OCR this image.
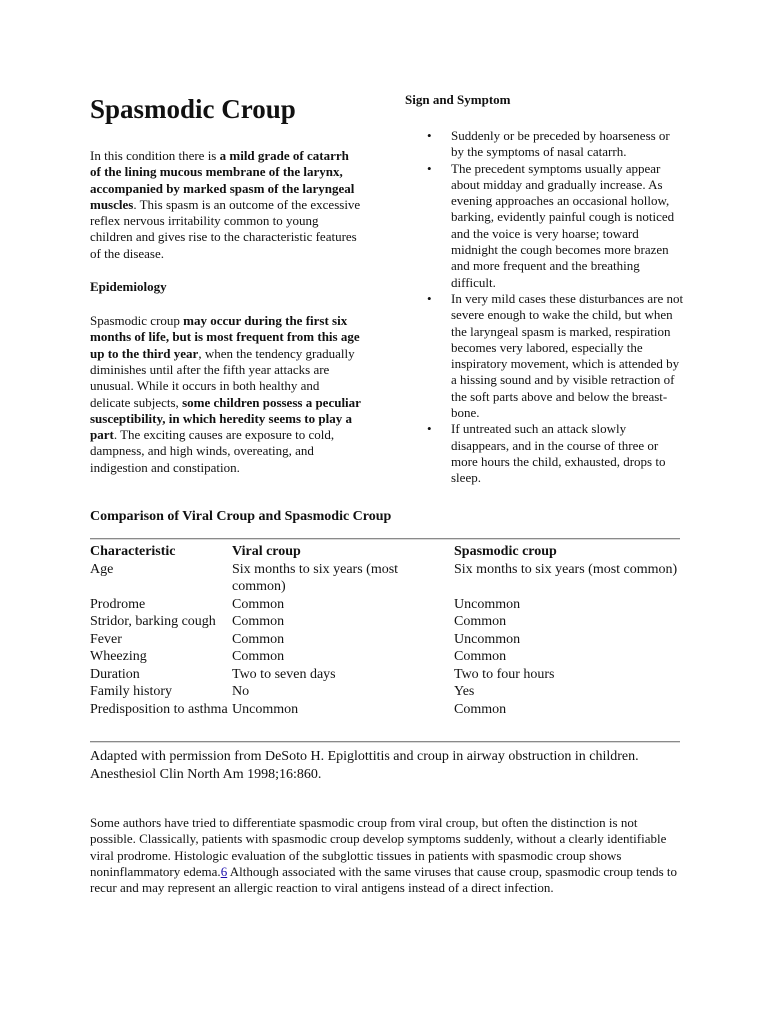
Spasmodic Croup

In this condition there is a mild grade of catarrh of the lining mucous membrane of the larynx, accompanied by marked spasm of the laryngeal muscles. This spasm is an outcome of the excessive reflex nervous irritability common to young children and gives rise to the characteristic features of the disease.

Epidemiology

Spasmodic croup may occur during the first six months of life, but is most frequent from this age up to the third year, when the tendency gradually diminishes until after the fifth year attacks are unusual. While it occurs in both healthy and delicate subjects, some children possess a peculiar susceptibility, in which heredity seems to play a part. The exciting causes are exposure to cold, dampness, and high winds, overeating, and indigestion and constipation.

Sign and Symptom

• Suddenly or be preceded by hoarseness or by the symptoms of nasal catarrh.
• The precedent symptoms usually appear about midday and gradually increase. As evening approaches an occasional hollow, barking, evidently painful cough is noticed and the voice is very hoarse; toward midnight the cough becomes more brazen and more frequent and the breathing difficult.
• In very mild cases these disturbances are not severe enough to wake the child, but when the laryngeal spasm is marked, respiration becomes very labored, especially the inspiratory movement, which is attended by a hissing sound and by visible retraction of the soft parts above and below the breast-bone.
• If untreated such an attack slowly disappears, and in the course of three or more hours the child, exhausted, drops to sleep.
Comparison of Viral Croup and Spasmodic Croup
Characteristic	Viral croup	Spasmodic croup
Age	Six months to six years (most common)	Six months to six years (most common)
Prodrome	Common	Uncommon
Stridor, barking cough	Common	Common
Fever	Common	Uncommon
Wheezing	Common	Common
Duration	Two to seven days	Two to four hours
Family history	No	Yes
Predisposition to asthma	Uncommon	Common
Adapted with permission from DeSoto H. Epiglottitis and croup in airway obstruction in children. Anesthesiol Clin North Am 1998;16:860.

Some authors have tried to differentiate spasmodic croup from viral croup, but often the distinction is not possible. Classically, patients with spasmodic croup develop symptoms suddenly, without a clearly identifiable viral prodrome. Histologic evaluation of the subglottic tissues in patients with spasmodic croup shows noninflammatory edema.6 Although associated with the same viruses that cause croup, spasmodic croup tends to recur and may represent an allergic reaction to viral antigens instead of a direct infection.
